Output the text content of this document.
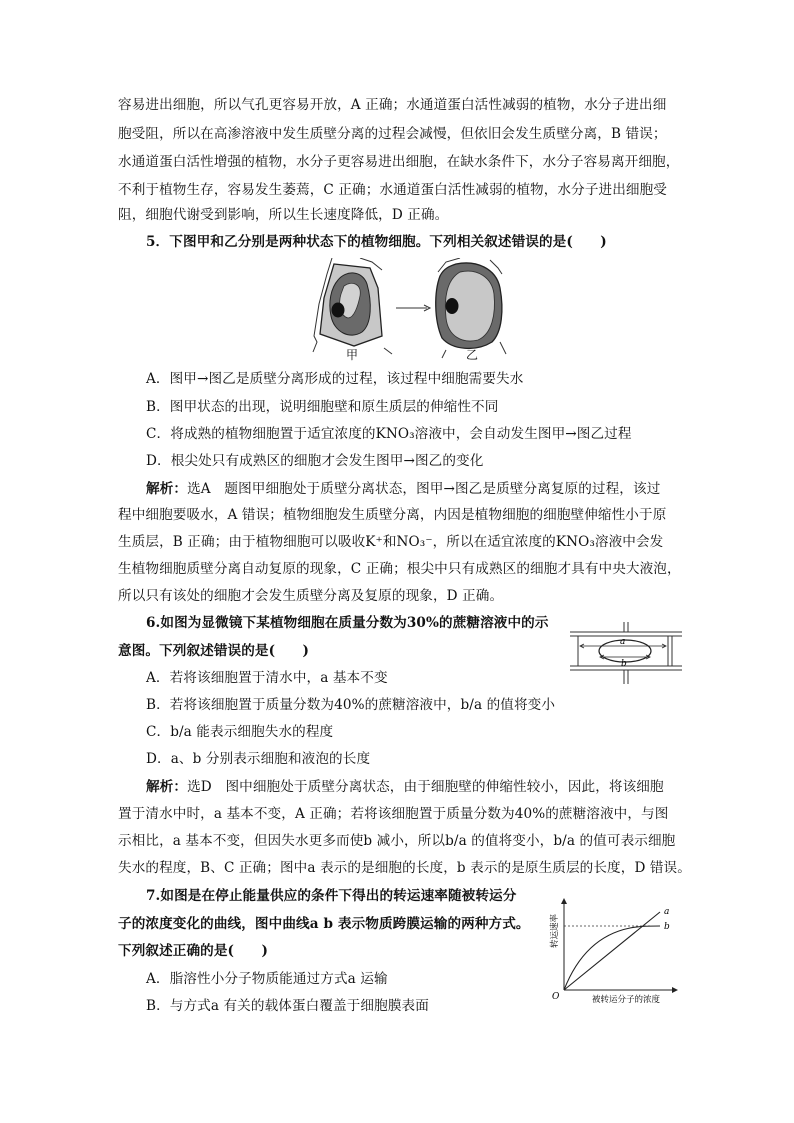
容易进出细胞，所以气孔更容易开放，A 正确；水通道蛋白活性减弱的植物，水分子进出细
胞受阻，所以在高渗溶液中发生质壁分离的过程会减慢，但依旧会发生质壁分离，B 错误；
水通道蛋白活性增强的植物，水分子更容易进出细胞，在缺水条件下，水分子容易离开细胞，
不利于植物生存，容易发生萎蔫，C 正确；水通道蛋白活性减弱的植物，水分子进出细胞受
阻，细胞代谢受到影响，所以生长速度降低，D 正确。
5．下图甲和乙分别是两种状态下的植物细胞。下列相关叙述错误的是(　　)
甲	乙
A．图甲→图乙是质壁分离形成的过程，该过程中细胞需要失水
B．图甲状态的出现，说明细胞壁和原生质层的伸缩性不同
C．将成熟的植物细胞置于适宜浓度的KNO₃溶液中，会自动发生图甲→图乙过程
D．根尖处只有成熟区的细胞才会发生图甲→图乙的变化
解析：选A　题图甲细胞处于质壁分离状态，图甲→图乙是质壁分离复原的过程，该过
程中细胞要吸水，A 错误；植物细胞发生质壁分离，内因是植物细胞的细胞壁伸缩性小于原
生质层，B 正确；由于植物细胞可以吸收K⁺和NO₃⁻，所以在适宜浓度的KNO₃溶液中会发
生植物细胞质壁分离自动复原的现象，C 正确；根尖中只有成熟区的细胞才具有中央大液泡，
所以只有该处的细胞才会发生质壁分离及复原的现象，D 正确。
6.如图为显微镜下某植物细胞在质量分数为30%的蔗糖溶液中的示
意图。下列叙述错误的是(　　)
a
b
A．若将该细胞置于清水中，a 基本不变
B．若将该细胞置于质量分数为40%的蔗糖溶液中，b/a 的值将变小
C．b/a 能表示细胞失水的程度
D．a、b 分别表示细胞和液泡的长度
解析：选D　图中细胞处于质壁分离状态，由于细胞壁的伸缩性较小，因此，将该细胞
置于清水中时，a 基本不变，A 正确；若将该细胞置于质量分数为40%的蔗糖溶液中，与图
示相比，a 基本不变，但因失水更多而使b 减小，所以b/a 的值将变小，b/a 的值可表示细胞
失水的程度，B、C 正确；图中a 表示的是细胞的长度，b 表示的是原生质层的长度，D 错误。
7.如图是在停止能量供应的条件下得出的转运速率随被转运分
子的浓度变化的曲线，图中曲线a b 表示物质跨膜运输的两种方式。
下列叙述正确的是(　　)
a
b
O	被转运分子的浓度
转运速率
A．脂溶性小分子物质能通过方式a 运输
B．与方式a 有关的载体蛋白覆盖于细胞膜表面
